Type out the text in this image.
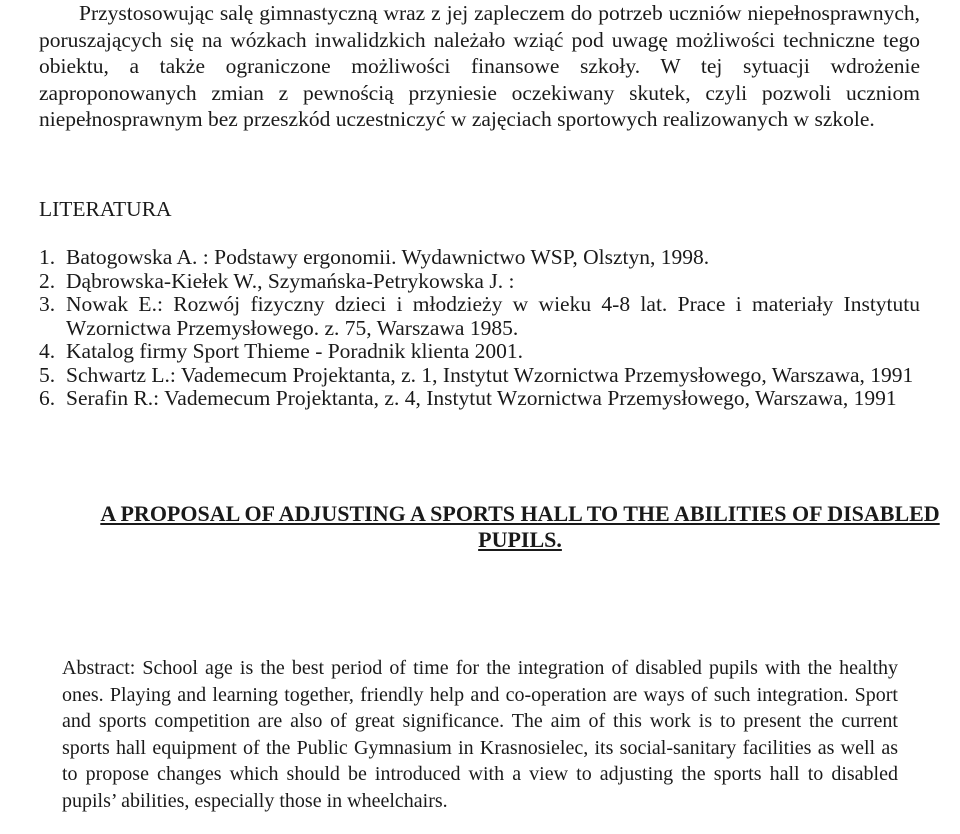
Przystosowując salę gimnastyczną wraz z jej zapleczem do potrzeb uczniów niepełnosprawnych, poruszających się na wózkach inwalidzkich należało wziąć pod uwagę możliwości techniczne tego obiektu, a także ograniczone możliwości finansowe szkoły. W tej sytuacji wdrożenie zaproponowanych zmian z pewnością przyniesie oczekiwany skutek, czyli pozwoli uczniom niepełnosprawnym bez przeszkód uczestniczyć w zajęciach sportowych realizowanych w szkole.

LITERATURA
1. Batogowska A. : Podstawy ergonomii. Wydawnictwo WSP, Olsztyn, 1998.
2. Dąbrowska-Kiełek W., Szymańska-Petrykowska J. :
3. Nowak E.: Rozwój fizyczny dzieci i młodzieży w wieku 4-8 lat. Prace i materiały Instytutu Wzornictwa Przemysłowego. z. 75, Warszawa 1985.
4. Katalog firmy Sport Thieme - Poradnik klienta 2001.
5. Schwartz L.: Vademecum Projektanta, z. 1, Instytut Wzornictwa Przemysłowego, Warszawa, 1991
6. Serafin R.: Vademecum Projektanta, z. 4, Instytut Wzornictwa Przemysłowego, Warszawa, 1991
A PROPOSAL OF ADJUSTING A SPORTS HALL TO THE ABILITIES OF DISABLED PUPILS.

Abstract: School age is the best period of time for the integration of disabled pupils with the healthy ones. Playing and learning together, friendly help and co-operation are ways of such integration. Sport and sports competition are also of great significance. The aim of this work is to present the current sports hall equipment of the Public Gymnasium in Krasnosielec, its social-sanitary facilities as well as to propose changes which should be introduced with a view to adjusting the sports hall to disabled pupils’ abilities, especially those in wheelchairs.
